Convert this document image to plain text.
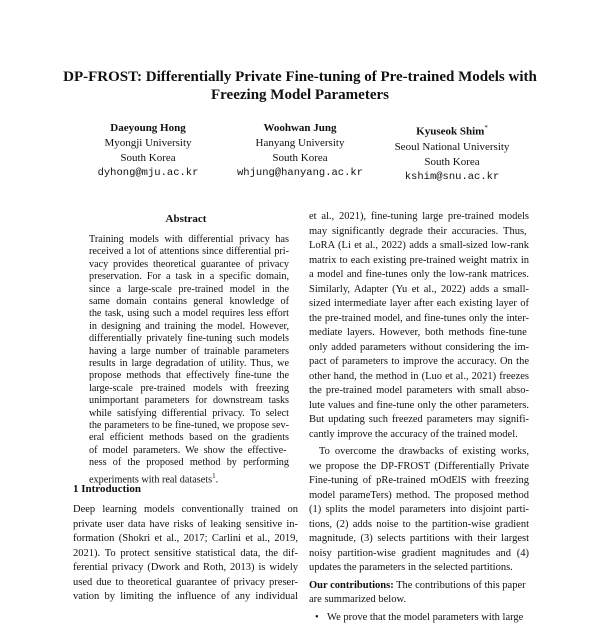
DP-FROST: Differentially Private Fine-tuning of Pre-trained Models with
Freezing Model Parameters
Daeyoung Hong
Myongji University
South Korea
dyhong@mju.ac.kr
Woohwan Jung
Hanyang University
South Korea
whjung@hanyang.ac.kr
Kyuseok Shim*
Seoul National University
South Korea
kshim@snu.ac.kr
Abstract
Training models with differential privacy has
received a lot of attentions since differential pri-
vacy provides theoretical guarantee of privacy
preservation. For a task in a specific domain,
since a large-scale pre-trained model in the
same domain contains general knowledge of
the task, using such a model requires less effort
in designing and training the model. However,
differentially privately fine-tuning such models
having a large number of trainable parameters
results in large degradation of utility. Thus, we
propose methods that effectively fine-tune the
large-scale pre-trained models with freezing
unimportant parameters for downstream tasks
while satisfying differential privacy. To select
the parameters to be fine-tuned, we propose sev-
eral efficient methods based on the gradients
of model parameters. We show the effective-
ness of the proposed method by performing
experiments with real datasets$^1$.
1 Introduction
Deep learning models conventionally trained on
private user data have risks of leaking sensitive in-
formation (Shokri et al., 2017; Carlini et al., 2019,
2021). To protect sensitive statistical data, the dif-
ferential privacy (Dwork and Roth, 2013) is widely
used due to theoretical guarantee of privacy preser-
vation by limiting the influence of any individual
et al., 2021), fine-tuning large pre-trained models
may significantly degrade their accuracies. Thus,
LoRA (Li et al., 2022) adds a small-sized low-rank
matrix to each existing pre-trained weight matrix in
a model and fine-tunes only the low-rank matrices.
Similarly, Adapter (Yu et al., 2022) adds a small-
sized intermediate layer after each existing layer of
the pre-trained model, and fine-tunes only the inter-
mediate layers. However, both methods fine-tune
only added parameters without considering the im-
pact of parameters to improve the accuracy. On the
other hand, the method in (Luo et al., 2021) freezes
the pre-trained model parameters with small abso-
lute values and fine-tune only the other parameters.
But updating such freezed parameters may signifi-
cantly improve the accuracy of the trained model.
To overcome the drawbacks of existing works,
we propose the DP-FROST (Differentially Private
Fine-tuning of pRe-trained mOdElS with freezing
model parameTers) method. The proposed method
(1) splits the model parameters into disjoint parti-
tions, (2) adds noise to the partition-wise gradient
magnitude, (3) selects partitions with their largest
noisy partition-wise gradient magnitudes and (4)
updates the parameters in the selected partitions.
Our contributions: The contributions of this paper
are summarized below.
• We prove that the model parameters with large
